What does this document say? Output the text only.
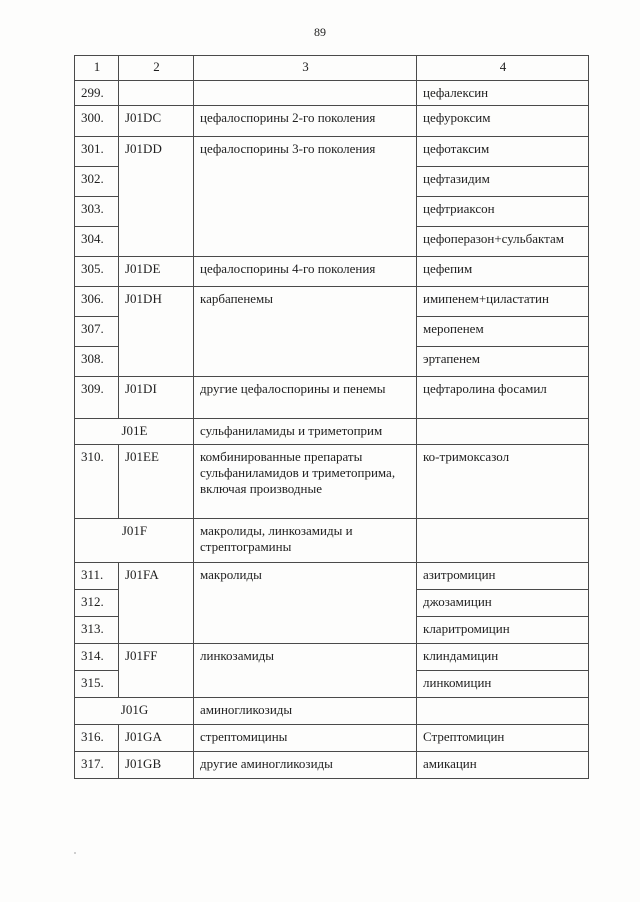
89
1	2	3	4
299.			цефалексин
300.	J01DC	цефалоспорины 2-го поколения	цефуроксим
301.	J01DD	цефалоспорины 3-го поколения	цефотаксим
302.			цефтазидим
303.			цефтриаксон
304.			цефоперазон+сульбактам
305.	J01DE	цефалоспорины 4-го поколения	цефепим
306.	J01DH	карбапенемы	имипенем+циластатин
307.			меропенем
308.			эртапенем
309.	J01DI	другие цефалоспорины и пенемы	цефтаролина фосамил
J01E		сульфаниламиды и триметоприм	
310.	J01EE	комбинированные препараты сульфаниламидов и триметоприма, включая производные	ко-тримоксазол
J01F		макролиды, линкозамиды и стрептограмины	
311.	J01FA	макролиды	азитромицин
312.			джозамицин
313.			кларитромицин
314.	J01FF	линкозамиды	клиндамицин
315.			линкомицин
J01G		аминогликозиды	
316.	J01GA	стрептомицины	Стрептомицин
317.	J01GB	другие аминогликозиды	амикацин
